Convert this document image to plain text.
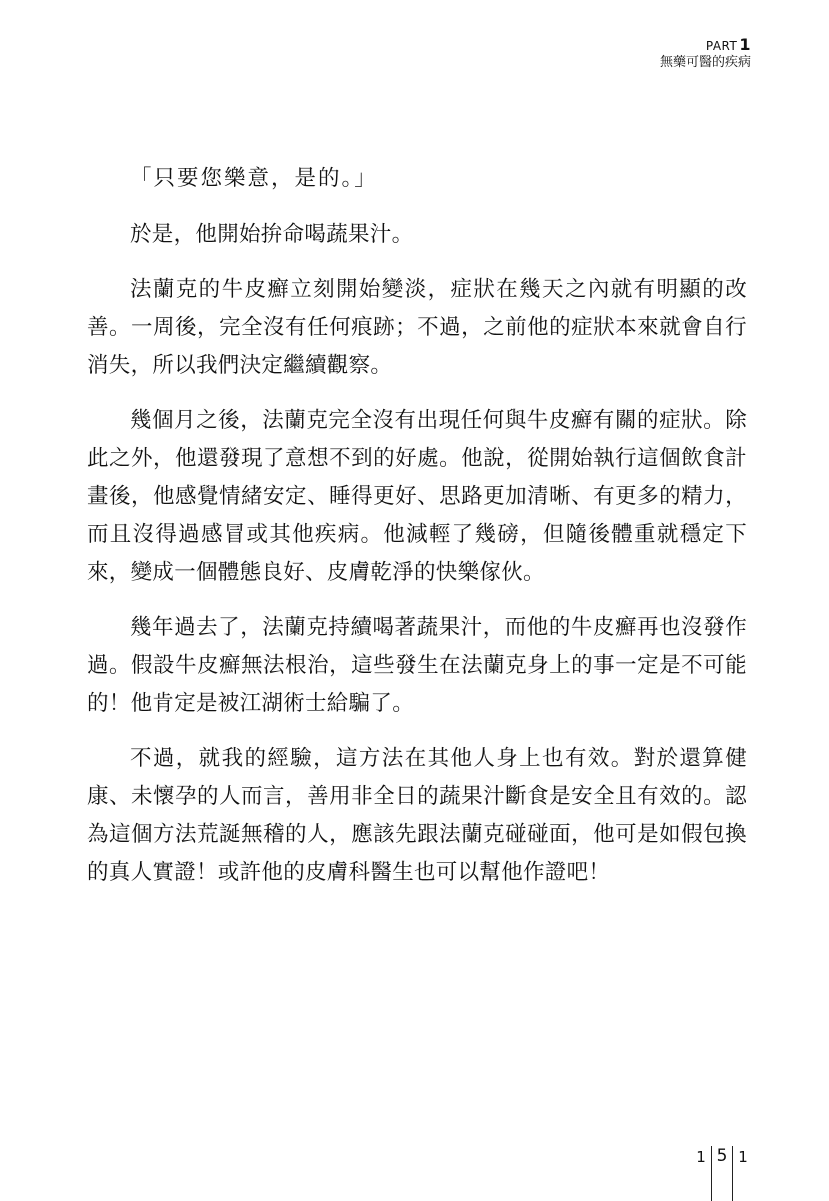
PART 1
無藥可醫的疾病

「只要您樂意，是的。」

於是，他開始拚命喝蔬果汁。

法蘭克的牛皮癬立刻開始變淡，症狀在幾天之內就有明顯的改善。一周後，完全沒有任何痕跡；不過，之前他的症狀本來就會自行消失，所以我們決定繼續觀察。

幾個月之後，法蘭克完全沒有出現任何與牛皮癬有關的症狀。除此之外，他還發現了意想不到的好處。他說，從開始執行這個飲食計畫後，他感覺情緒安定、睡得更好、思路更加清晰、有更多的精力，而且沒得過感冒或其他疾病。他減輕了幾磅，但隨後體重就穩定下來，變成一個體態良好、皮膚乾淨的快樂傢伙。

幾年過去了，法蘭克持續喝著蔬果汁，而他的牛皮癬再也沒發作過。假設牛皮癬無法根治，這些發生在法蘭克身上的事一定是不可能的！他肯定是被江湖術士給騙了。

不過，就我的經驗，這方法在其他人身上也有效。對於還算健康、未懷孕的人而言，善用非全日的蔬果汁斷食是安全且有效的。認為這個方法荒誕無稽的人，應該先跟法蘭克碰碰面，他可是如假包換的真人實證！或許他的皮膚科醫生也可以幫他作證吧！

1 5 1
